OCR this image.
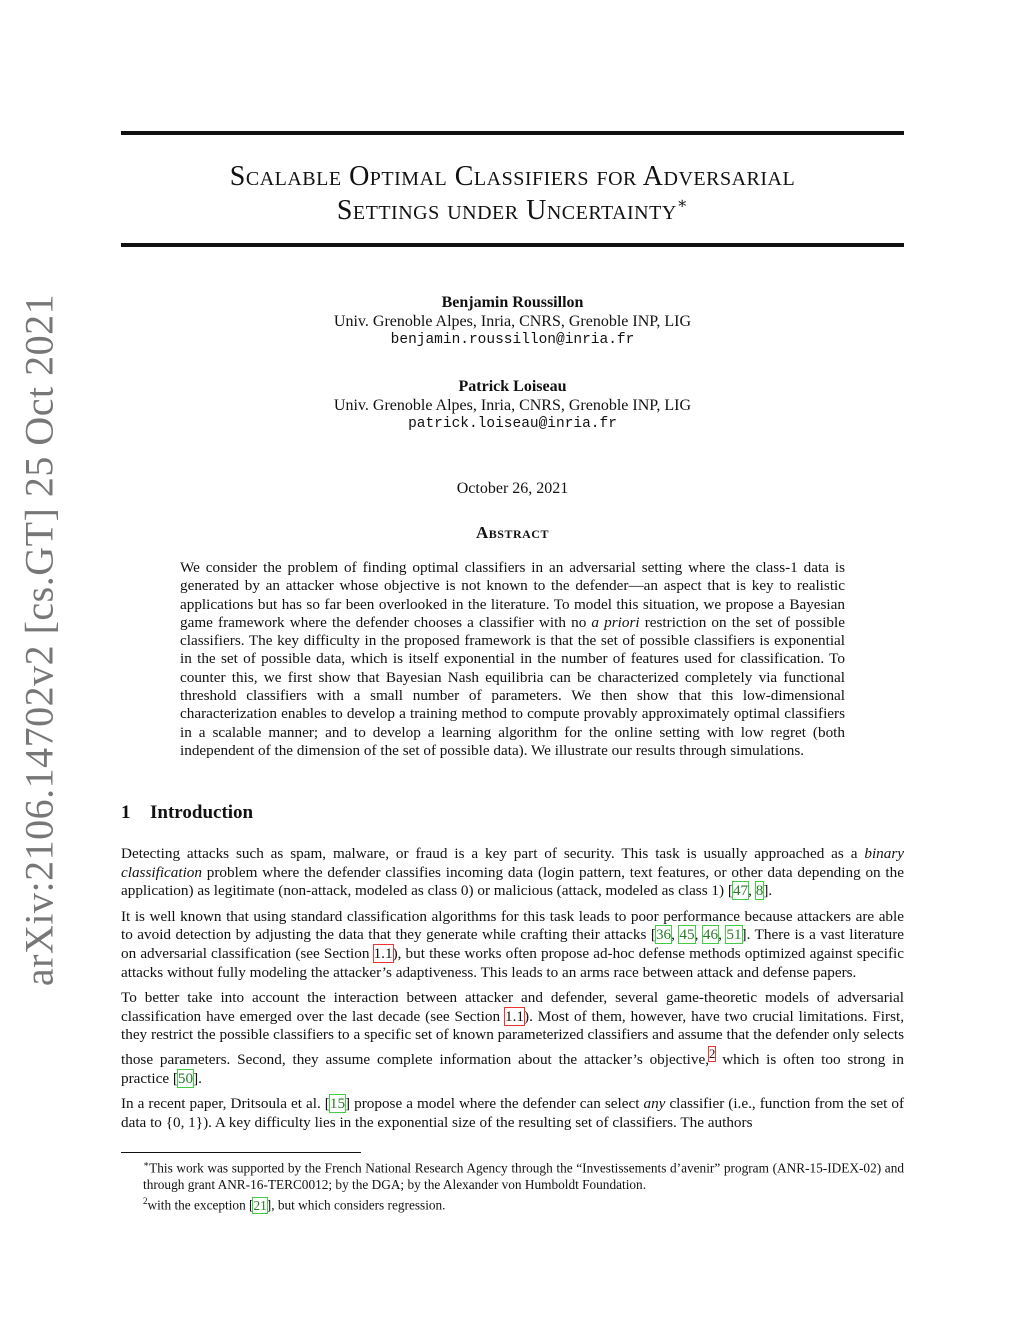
arXiv:2106.14702v2 [cs.GT] 25 Oct 2021
Scalable Optimal Classifiers for Adversarial
Settings under Uncertainty∗
Benjamin Roussillon
Univ. Grenoble Alpes, Inria, CNRS, Grenoble INP, LIG
benjamin.roussillon@inria.fr
Patrick Loiseau
Univ. Grenoble Alpes, Inria, CNRS, Grenoble INP, LIG
patrick.loiseau@inria.fr
October 26, 2021
Abstract
We consider the problem of finding optimal classifiers in an adversarial setting where the class-1 data is generated by an attacker whose objective is not known to the defender—an aspect that is key to realistic applications but has so far been overlooked in the literature. To model this situation, we propose a Bayesian game framework where the defender chooses a classifier with no a priori restriction on the set of possible classifiers. The key difficulty in the proposed framework is that the set of possible classifiers is exponential in the set of possible data, which is itself exponential in the number of features used for classification. To counter this, we first show that Bayesian Nash equilibria can be characterized completely via functional threshold classifiers with a small number of parameters. We then show that this low-dimensional characterization enables to develop a training method to compute provably approximately optimal classifiers in a scalable manner; and to develop a learning algorithm for the online setting with low regret (both independent of the dimension of the set of possible data). We illustrate our results through simulations.
1 Introduction

Detecting attacks such as spam, malware, or fraud is a key part of security. This task is usually approached as a binary classification problem where the defender classifies incoming data (login pattern, text features, or other data depending on the application) as legitimate (non-attack, modeled as class 0) or malicious (attack, modeled as class 1) [47, 8].

It is well known that using standard classification algorithms for this task leads to poor performance because attackers are able to avoid detection by adjusting the data that they generate while crafting their attacks [36, 45, 46, 51]. There is a vast literature on adversarial classification (see Section 1.1), but these works often propose ad-hoc defense methods optimized against specific attacks without fully modeling the attacker’s adaptiveness. This leads to an arms race between attack and defense papers.

To better take into account the interaction between attacker and defender, several game-theoretic models of adversarial classification have emerged over the last decade (see Section 1.1). Most of them, however, have two crucial limitations. First, they restrict the possible classifiers to a specific set of known parameterized classifiers and assume that the defender only selects those parameters. Second, they assume complete information about the attacker’s objective,$^2$ which is often too strong in practice [50].

In a recent paper, Dritsoula et al. [15] propose a model where the defender can select any classifier (i.e., function from the set of data to {0, 1}). A key difficulty lies in the exponential size of the resulting set of classifiers. The authors

∗This work was supported by the French National Research Agency through the “Investissements d’avenir” program (ANR-15-IDEX-02) and through grant ANR-16-TERC0012; by the DGA; by the Alexander von Humboldt Foundation.

$^2$with the exception [21], but which considers regression.
